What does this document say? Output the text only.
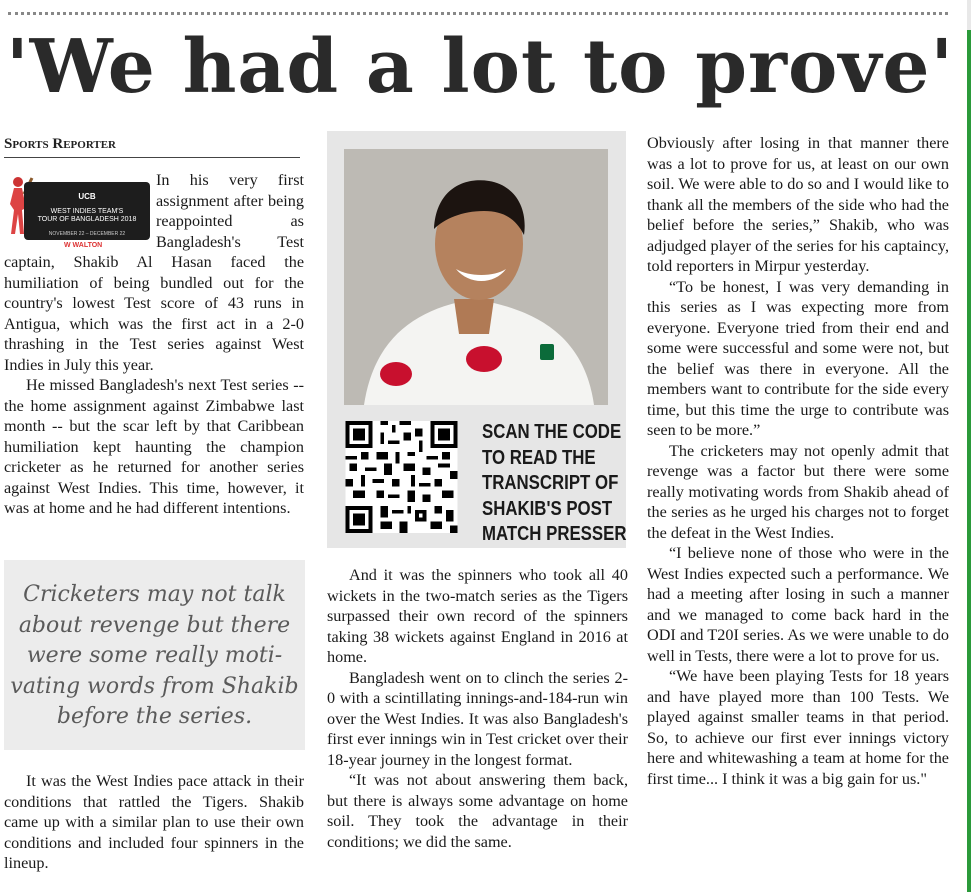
'We had a lot to prove'
Sports Reporter
UCB
WEST INDIES TEAM'S
TOUR OF BANGLADESH 2018
NOVEMBER 22 – DECEMBER 22
W WALTON

In his very first assignment after being reappointed as Bangladesh's Test captain, Shakib Al Hasan faced the humiliation of being bundled out for the country's lowest Test score of 43 runs in Antigua, which was the first act in a 2-0 thrashing in the Test series against West Indies in July this year.

He missed Bangladesh's next Test series -- the home assignment against Zimbabwe last month -- but the scar left by that Caribbean humiliation kept haunting the champion cricketer as he returned for another series against West Indies. This time, however, it was at home and he had different intentions.

Cricketers may not talk about revenge but there were some really moti-vating words from Shakib before the series.

It was the West Indies pace attack in their conditions that rattled the Tigers. Shakib came up with a similar plan to use their own conditions and included four spinners in the lineup.

SCAN THE CODE
TO READ THE
TRANSCRIPT OF
SHAKIB'S POST
MATCH PRESSER

And it was the spinners who took all 40 wickets in the two-match series as the Tigers surpassed their own record of the spinners taking 38 wickets against England in 2016 at home.

Bangladesh went on to clinch the series 2-0 with a scintillating innings-and-184-run win over the West Indies. It was also Bangladesh's first ever innings win in Test cricket over their 18-year journey in the longest format.

“It was not about answering them back, but there is always some advantage on home soil. They took the advantage in their conditions; we did the same.

Obviously after losing in that manner there was a lot to prove for us, at least on our own soil. We were able to do so and I would like to thank all the members of the side who had the belief before the series,” Shakib, who was adjudged player of the series for his captaincy, told reporters in Mirpur yesterday.

“To be honest, I was very demanding in this series as I was expecting more from everyone. Everyone tried from their end and some were successful and some were not, but the belief was there in everyone. All the members want to contribute for the side every time, but this time the urge to contribute was seen to be more.”

The cricketers may not openly admit that revenge was a factor but there were some really motivating words from Shakib ahead of the series as he urged his charges not to forget the defeat in the West Indies.

“I believe none of those who were in the West Indies expected such a performance. We had a meeting after losing in such a manner and we managed to come back hard in the ODI and T20I series. As we were unable to do well in Tests, there were a lot to prove for us.

“We have been playing Tests for 18 years and have played more than 100 Tests. We played against smaller teams in that period. So, to achieve our first ever innings victory here and whitewashing a team at home for the first time... I think it was a big gain for us."
